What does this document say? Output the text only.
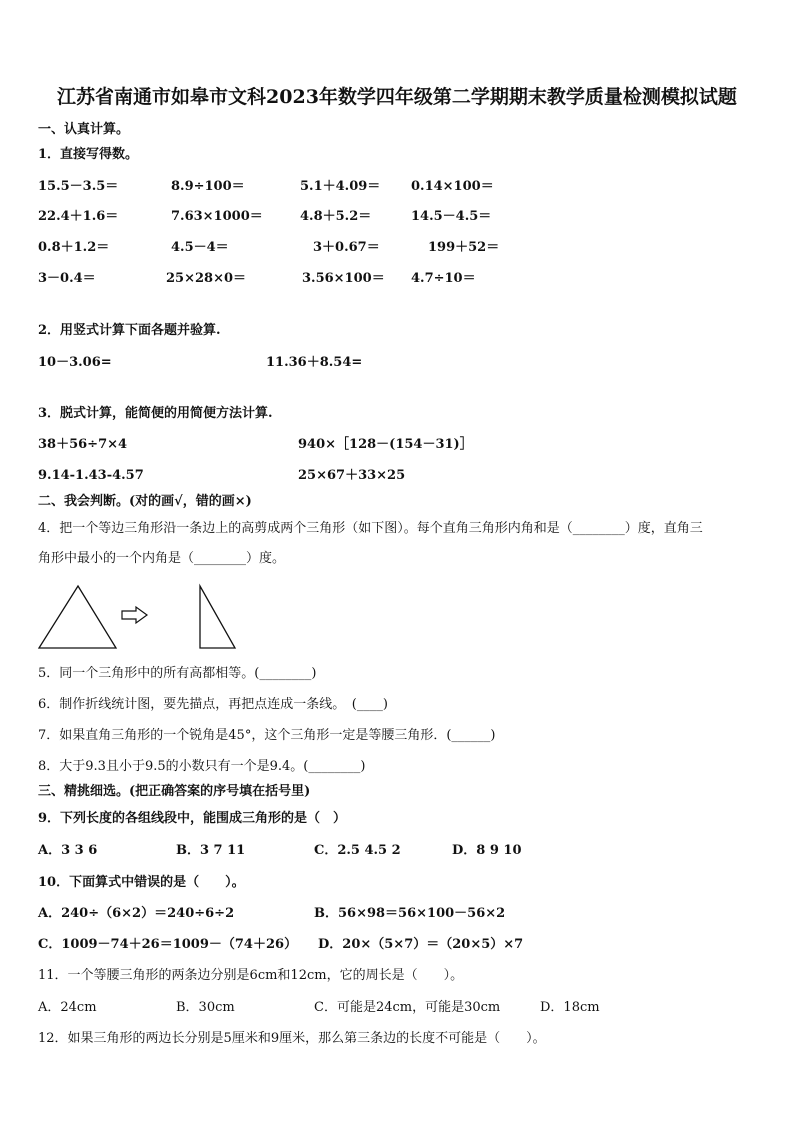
江苏省南通市如皋市文科2023年数学四年级第二学期期末教学质量检测模拟试题
一、认真计算。
1．直接写得数。
15.5－3.5＝	8.9÷100＝	5.1＋4.09＝ 0.14×100＝
22.4＋1.6＝	7.63×1000＝	4.8＋5.2＝	14.5－4.5＝
0.8＋1.2＝	4.5－4＝	3＋0.67＝	199＋52＝
3－0.4＝	25×28×0＝	3.56×100＝ 4.7÷10＝
2．用竖式计算下面各题并验算.
10－3.06=	11.36＋8.54=
3．脱式计算，能简便的用简便方法计算.
38＋56÷7×4	940×［128－(154－31)］
9.14-1.43-4.57	25×67＋33×25
二、我会判断。(对的画√，错的画×)
4．把一个等边三角形沿一条边上的高剪成两个三角形（如下图）。每个直角三角形内角和是（________）度，直角三
角形中最小的一个内角是（________）度。
5．同一个三角形中的所有高都相等。(________)
6．制作折线统计图，要先描点，再把点连成一条线。　(____)
7．如果直角三角形的一个锐角是45°，这个三角形一定是等腰三角形．(______)
8．大于9.3且小于9.5的小数只有一个是9.4。(________)
三、精挑细选。(把正确答案的序号填在括号里)
9．下列长度的各组线段中，能围成三角形的是（　）
A．3 3 6	B．3 7 11	C．2.5 4.5 2	D．8 9 10
10．下面算式中错误的是（　　）。
A．240÷（6×2）＝240÷6÷2	B．56×98＝56×100－56×2
C．1009－74＋26＝1009－（74＋26） D．20×（5×7）＝（20×5）×7
11．一个等腰三角形的两条边分别是6cm和12cm，它的周长是（　　）。
A．24cm	B．30cm	C．可能是24cm，可能是30cm	D．18cm
12．如果三角形的两边长分别是5厘米和9厘米，那么第三条边的长度不可能是（　　）。
